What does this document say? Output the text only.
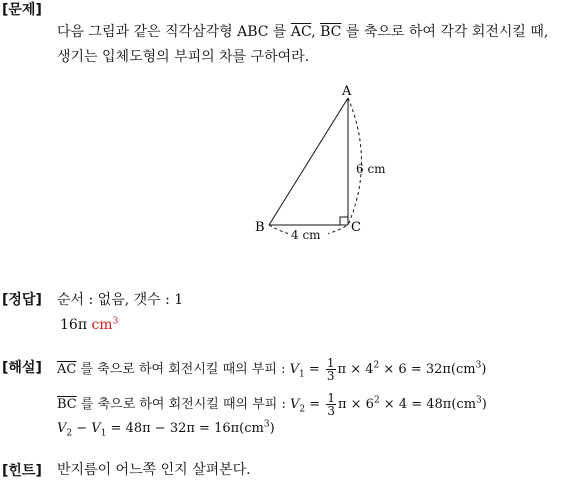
[문제]
다음 그림과 같은 직각삼각형 ABC 를 $\overline{AC}$, $\overline{BC}$ 를 축으로 하여 각각 회전시킬 때,
생기는 입체도형의 부피의 차를 구하여라.
A
B	C
6 cm
4 cm
[정답] 순서 : 없음, 갯수 : 1
16π $cm^3$
[해설] $\overline{AC}$ 를 축으로 하여 회전시킬 때의 부피 : $V_1 = \frac{1}{3}$ $\pi \times 4^2 \times 6 = 32\pi(cm^3)$
$\overline{BC}$ 를 축으로 하여 회전시킬 때의 부피 : $V_2 = \frac{1}{3}$ $\pi \times 6^2 \times 4 = 48\pi(cm^3)$
$V_2 - V_1 = 48\pi - 32\pi = 16\pi(cm^3)$
[힌트] 반지름이 어느쪽 인지 살펴본다.
